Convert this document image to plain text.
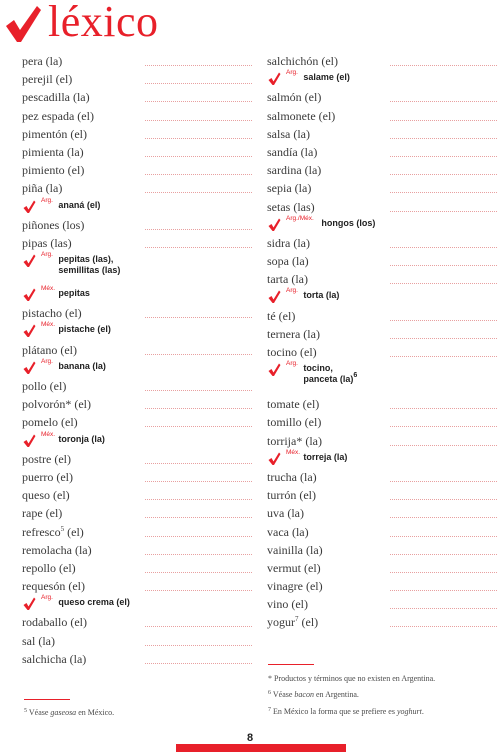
léxico
pera (la)
perejil (el)
pescadilla (la)
pez espada (el)
pimentón (el)
pimienta (la)
pimiento (el)
piña (la)
Arg. ananá (el)
piñones (los)
pipas (las)
Arg. pepitas (las),
semillitas (las)
Méx. pepitas
pistacho (el)
Méx. pistache (el)
plátano (el)
Arg. banana (la)
pollo (el)
polvorón* (el)
pomelo (el)
Méx. toronja (la)
postre (el)
puerro (el)
queso (el)
rape (el)
refresco$^5$ (el)
remolacha (la)
repollo (el)
requesón (el)
Arg. queso crema (el)
rodaballo (el)
sal (la)
salchicha (la)
salchichón (el)
Arg. salame (el)
salmón (el)
salmonete (el)
salsa (la)
sandía (la)
sardina (la)
sepia (la)
setas (las)
Arg./Méx. hongos (los)
sidra (la)
sopa (la)
tarta (la)
Arg. torta (la)
té (el)
ternera (la)
tocino (el)
Arg. tocino,
panceta (la)$^6$
tomate (el)
tomillo (el)
torrija* (la)
Méx. torreja (la)
trucha (la)
turrón (el)
uva (la)
vaca (la)
vainilla (la)
vermut (el)
vinagre (el)
vino (el)
yogur$^7$ (el)
$^5$ Véase gaseosa en México.
* Productos y términos que no existen en Argentina.
$^6$ Véase bacon en Argentina.
$^7$ En México la forma que se prefiere es yoghurt.
8
